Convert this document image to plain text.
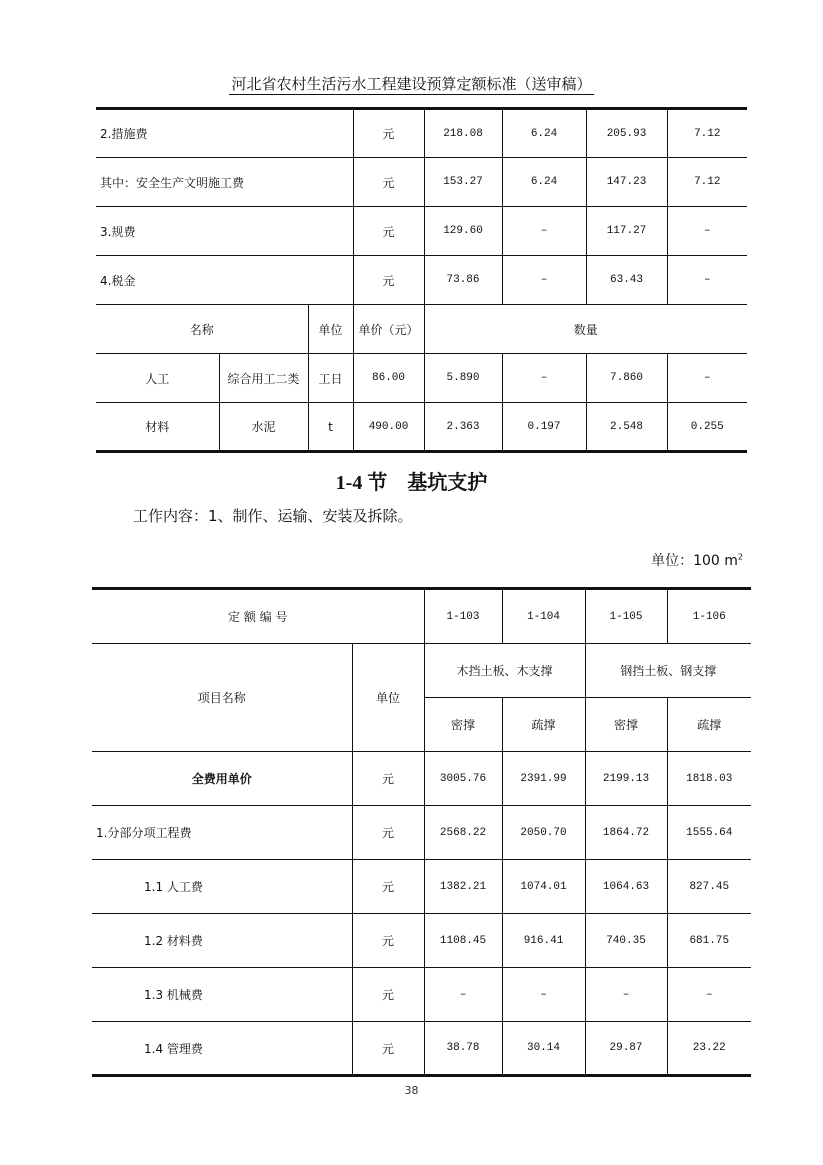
河北省农村生活污水工程建设预算定额标准（送审稿）
2.措施费			元	218.08	6.24	205.93	7.12
其中：安全生产文明施工费			元	153.27	6.24	147.23	7.12
3.规费			元	129.60	–	117.27	–
4.税金			元	73.86	–	63.43	–
名称		单位	单价（元）	数量			
人工	综合用工二类	工日	86.00	5.890	–	7.860	–
材料	水泥	t	490.00	2.363	0.197	2.548	0.255
1-4 节　基坑支护
工作内容：1、制作、运输、安装及拆除。
单位：100 $m^2$
定 额 编 号		1-103	1-104	1-105	1-106
项目名称	单位	木挡土板、木支撑		钢挡土板、钢支撑	
		密撑	疏撑	密撑	疏撑
全费用单价	元	3005.76	2391.99	2199.13	1818.03
1.分部分项工程费	元	2568.22	2050.70	1864.72	1555.64
1.1 人工费	元	1382.21	1074.01	1064.63	827.45
1.2 材料费	元	1108.45	916.41	740.35	681.75
1.3 机械费	元	–	–	–	–
1.4 管理费	元	38.78	30.14	29.87	23.22
38
